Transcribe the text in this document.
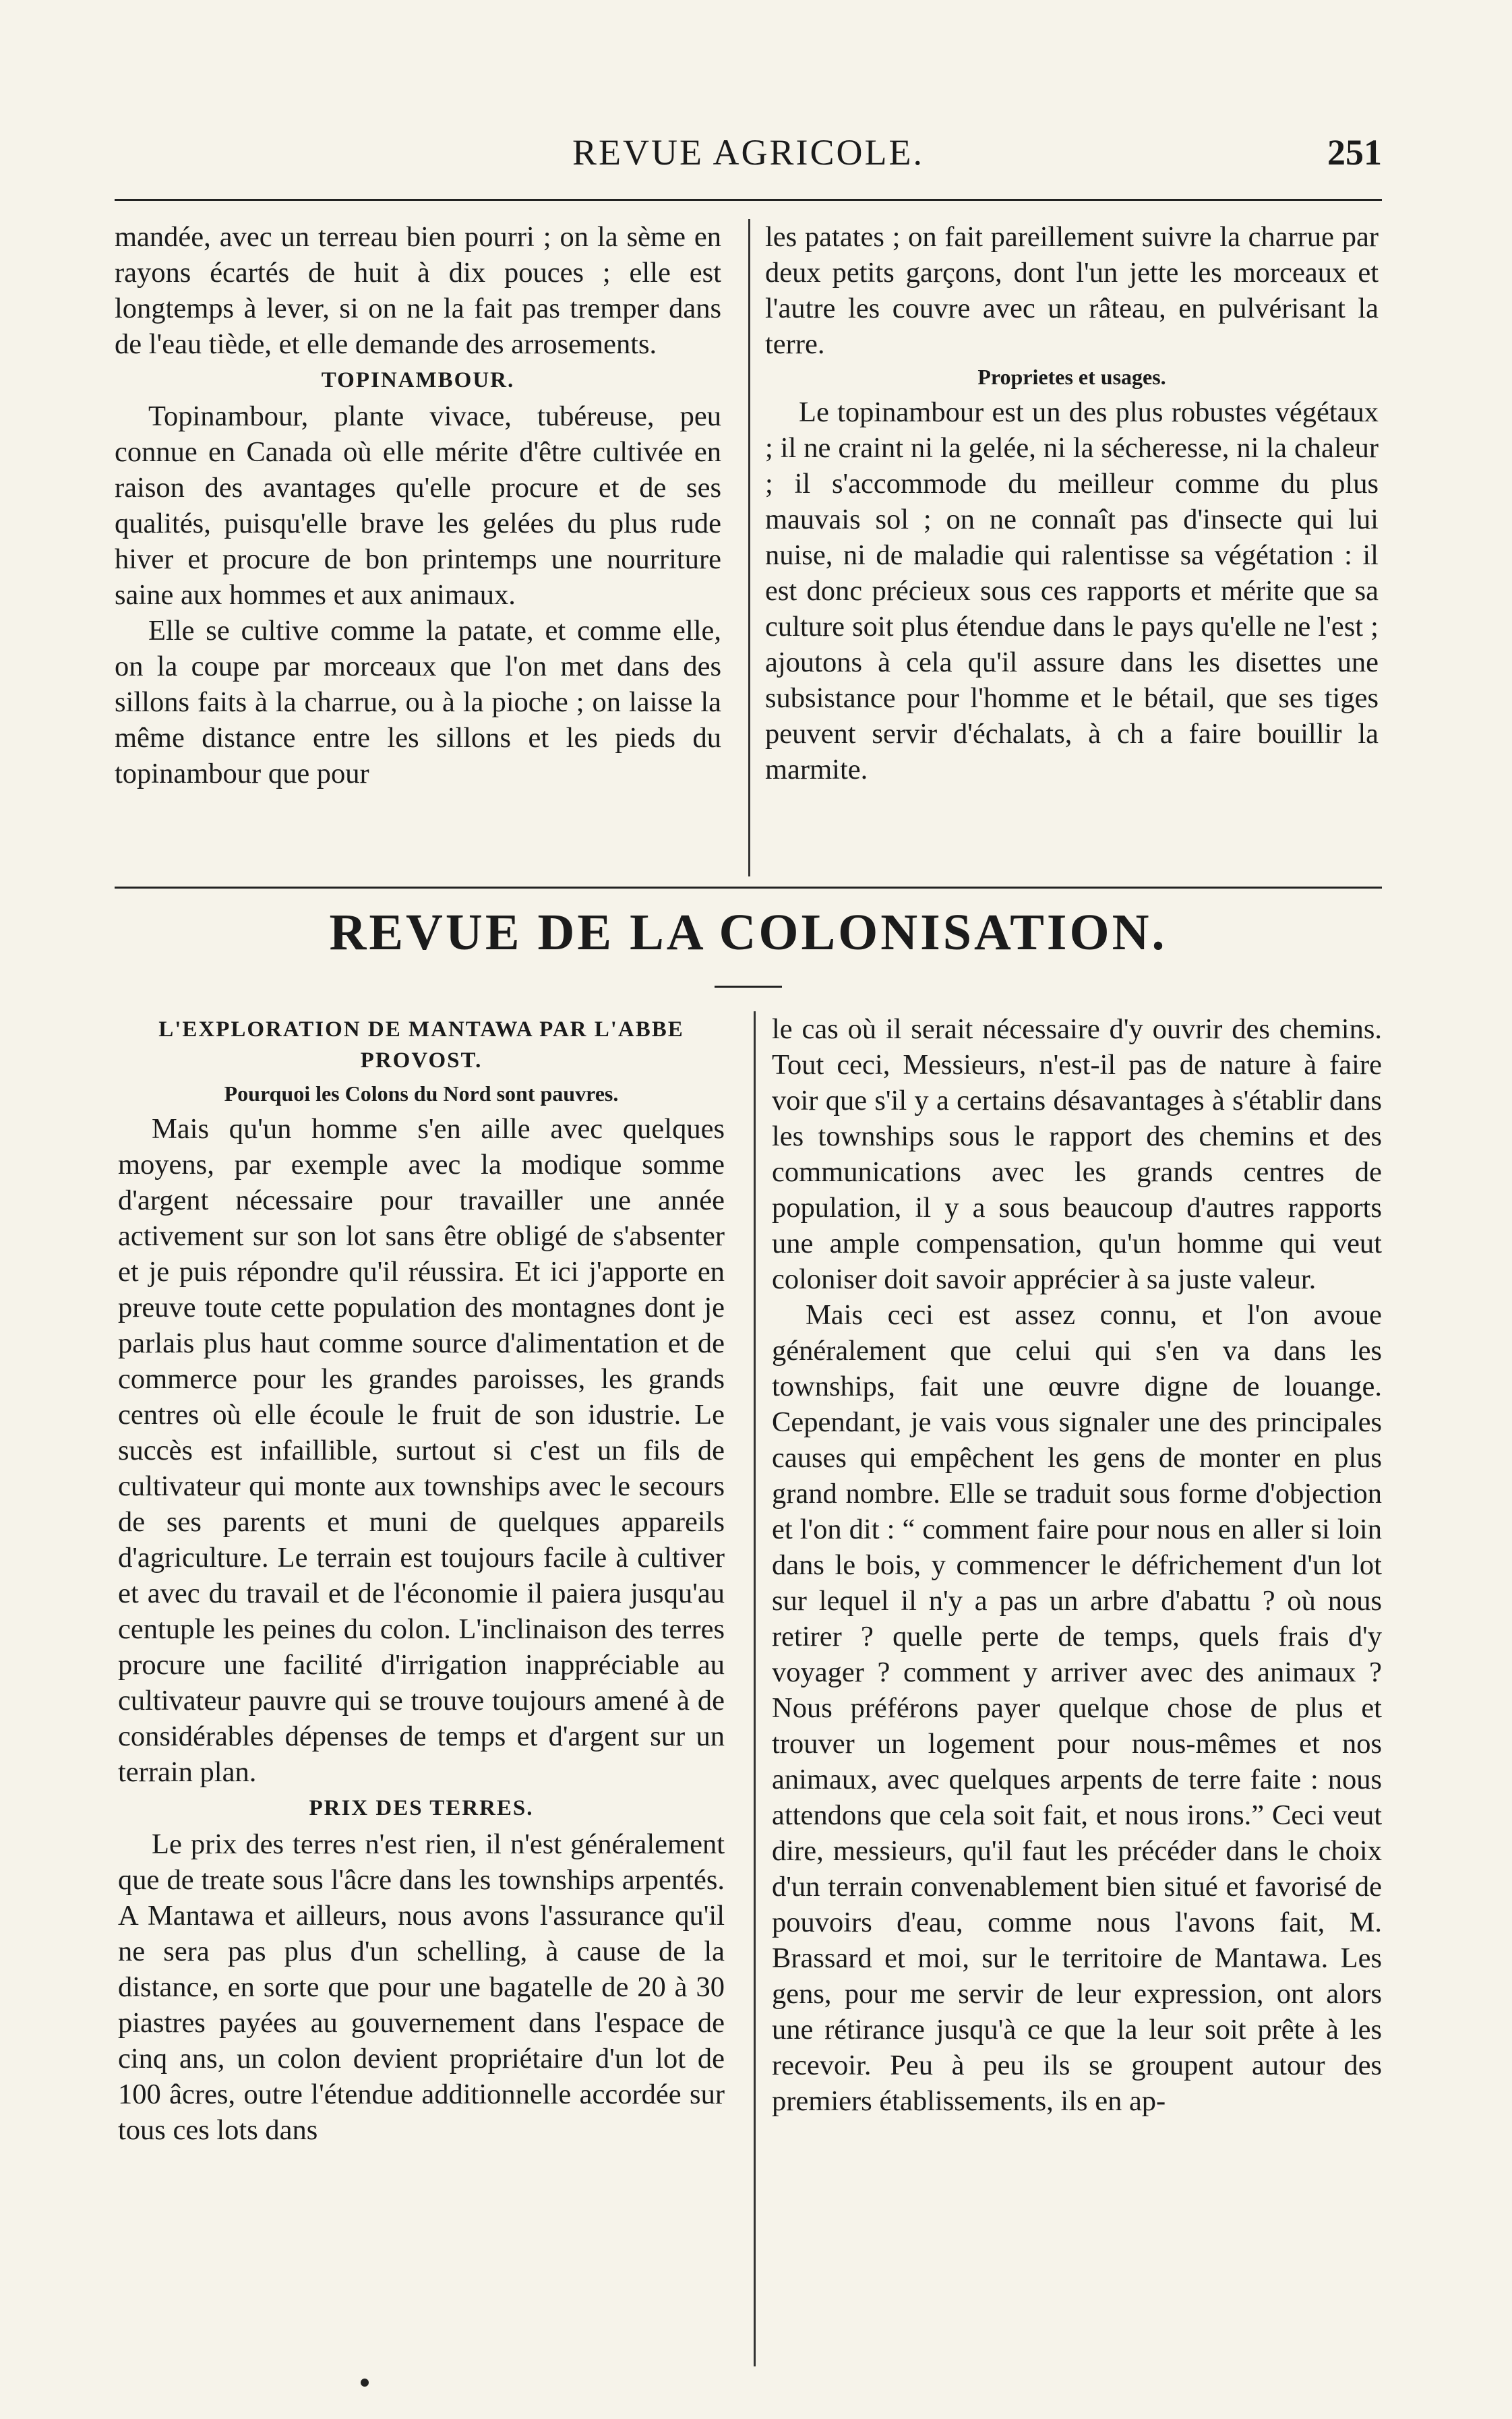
REVUE AGRICOLE.	251

mandée, avec un terreau bien pourri ; on la sème en rayons écartés de huit à dix pouces ; elle est longtemps à lever, si on ne la fait pas tremper dans de l'eau tiède, et elle demande des arrosements.

TOPINAMBOUR.

Topinambour, plante vivace, tubéreuse, peu connue en Canada où elle mérite d'être cultivée en raison des avantages qu'elle procure et de ses qualités, puisqu'elle brave les gelées du plus rude hiver et procure de bon printemps une nourriture saine aux hommes et aux animaux.

Elle se cultive comme la patate, et comme elle, on la coupe par morceaux que l'on met dans des sillons faits à la charrue, ou à la pioche ; on laisse la même distance entre les sillons et les pieds du topinambour que pour

les patates ; on fait pareillement suivre la charrue par deux petits garçons, dont l'un jette les morceaux et l'autre les couvre avec un râteau, en pulvérisant la terre.

Proprietes et usages.

Le topinambour est un des plus robustes végétaux ; il ne craint ni la gelée, ni la sécheresse, ni la chaleur ; il s'accommode du meilleur comme du plus mauvais sol ; on ne connaît pas d'insecte qui lui nuise, ni de maladie qui ralentisse sa végétation : il est donc précieux sous ces rapports et mérite que sa culture soit plus étendue dans le pays qu'elle ne l'est ; ajoutons à cela qu'il assure dans les disettes une subsistance pour l'homme et le bétail, que ses tiges peuvent servir d'échalats, à ch a faire bouillir la marmite.

REVUE DE LA COLONISATION.
L'EXPLORATION DE MANTAWA PAR L'ABBE PROVOST.
Pourquoi les Colons du Nord sont pauvres.

Mais qu'un homme s'en aille avec quelques moyens, par exemple avec la modique somme d'argent nécessaire pour travailler une année activement sur son lot sans être obligé de s'absenter et je puis répondre qu'il réussira. Et ici j'apporte en preuve toute cette population des montagnes dont je parlais plus haut comme source d'alimentation et de commerce pour les grandes paroisses, les grands centres où elle écoule le fruit de son idustrie. Le succès est infaillible, surtout si c'est un fils de cultivateur qui monte aux townships avec le secours de ses parents et muni de quelques appareils d'agriculture. Le terrain est toujours facile à cultiver et avec du travail et de l'économie il paiera jusqu'au centuple les peines du colon. L'inclinaison des terres procure une facilité d'irrigation inappréciable au cultivateur pauvre qui se trouve toujours amené à de considérables dépenses de temps et d'argent sur un terrain plan.

PRIX DES TERRES.

Le prix des terres n'est rien, il n'est généralement que de treate sous l'âcre dans les townships arpentés. A Mantawa et ailleurs, nous avons l'assurance qu'il ne sera pas plus d'un schelling, à cause de la distance, en sorte que pour une bagatelle de 20 à 30 piastres payées au gouvernement dans l'espace de cinq ans, un colon devient propriétaire d'un lot de 100 âcres, outre l'étendue additionnelle accordée sur tous ces lots dans

le cas où il serait nécessaire d'y ouvrir des chemins. Tout ceci, Messieurs, n'est-il pas de nature à faire voir que s'il y a certains désavantages à s'établir dans les townships sous le rapport des chemins et des communications avec les grands centres de population, il y a sous beaucoup d'autres rapports une ample compensation, qu'un homme qui veut coloniser doit savoir apprécier à sa juste valeur.

Mais ceci est assez connu, et l'on avoue généralement que celui qui s'en va dans les townships, fait une œuvre digne de louange. Cependant, je vais vous signaler une des principales causes qui empêchent les gens de monter en plus grand nombre. Elle se traduit sous forme d'objection et l'on dit : “ comment faire pour nous en aller si loin dans le bois, y commencer le défrichement d'un lot sur lequel il n'y a pas un arbre d'abattu ? où nous retirer ? quelle perte de temps, quels frais d'y voyager ? comment y arriver avec des animaux ? Nous préférons payer quelque chose de plus et trouver un logement pour nous-mêmes et nos animaux, avec quelques arpents de terre faite : nous attendons que cela soit fait, et nous irons.” Ceci veut dire, messieurs, qu'il faut les précéder dans le choix d'un terrain convenablement bien situé et favorisé de pouvoirs d'eau, comme nous l'avons fait, M. Brassard et moi, sur le territoire de Mantawa. Les gens, pour me servir de leur expression, ont alors une rétirance jusqu'à ce que la leur soit prête à les recevoir. Peu à peu ils se groupent autour des premiers établissements, ils en ap-
